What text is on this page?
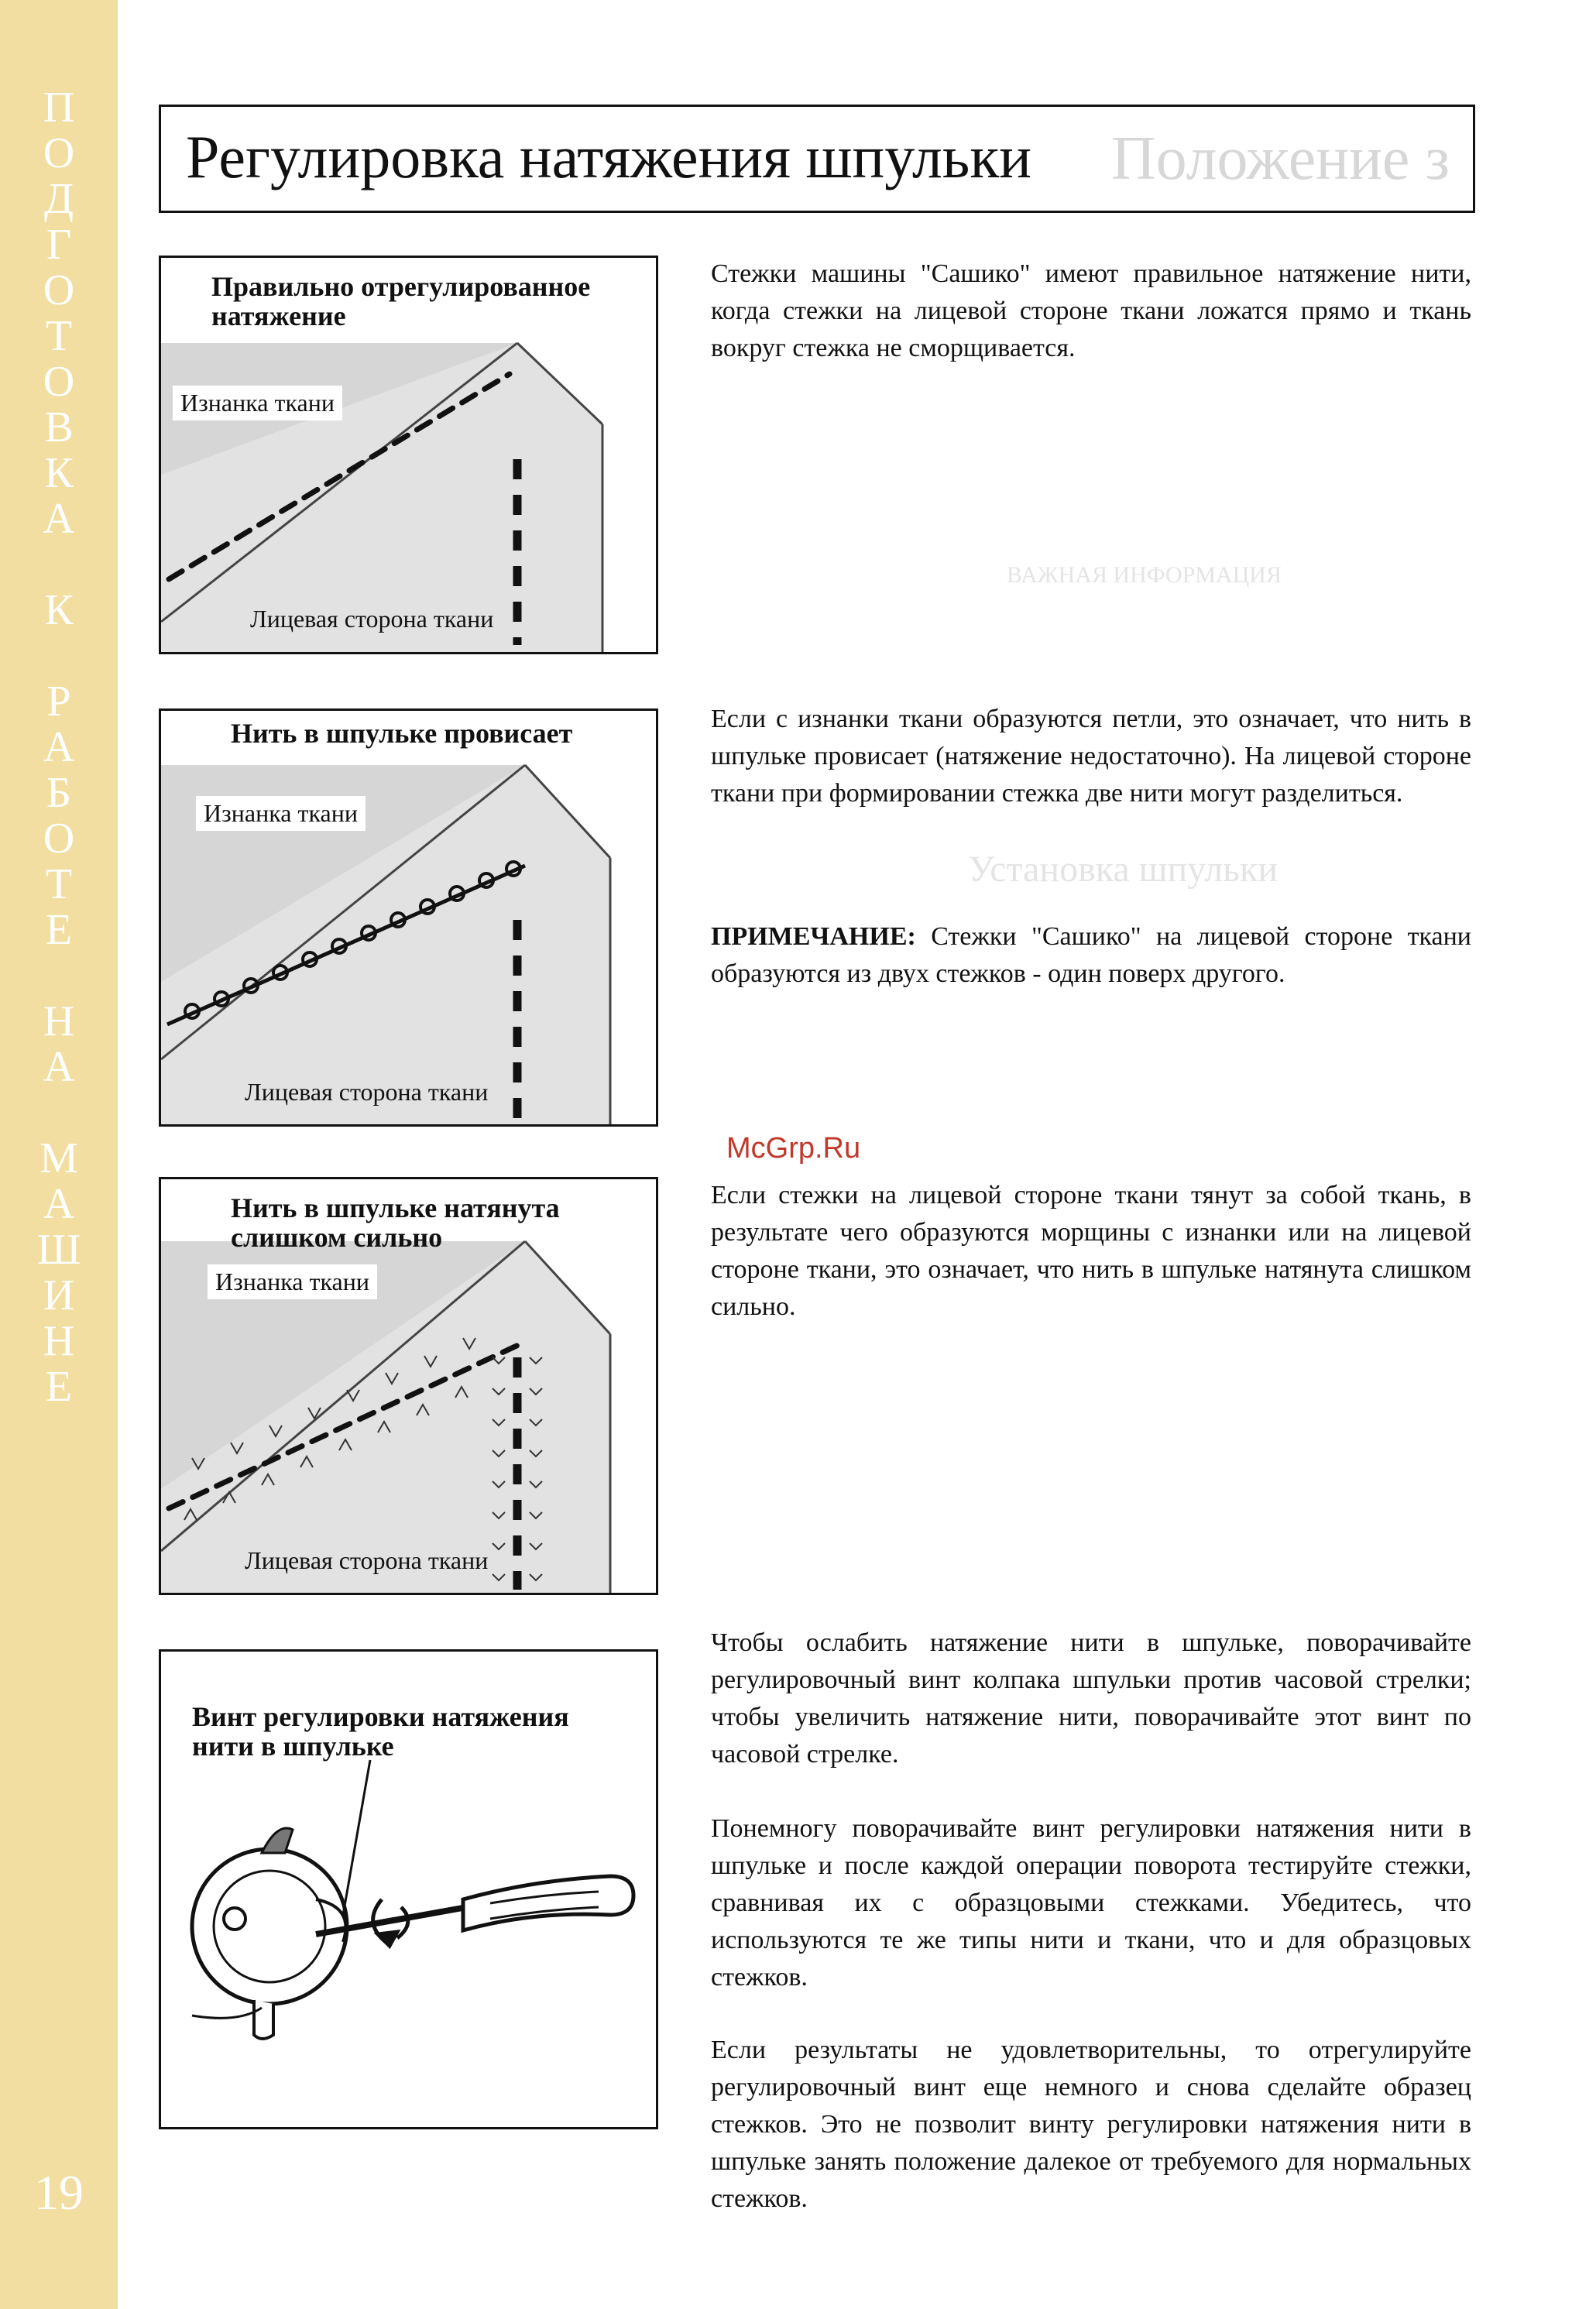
П
О
Д
Г
О
Т
О
В
К
А
К
Р
А
Б
О
Т
Е
Н
А
М
А
Ш
И
Н
Е
19
ВАЖНАЯ ИНФОРМАЦИЯ
Установка шпульки
Положение з
Регулировка натяжения шпульки
Правильно отрегулированное натяжение
Изнанка ткани
Лицевая сторона ткани
Нить в шпульке провисает
Изнанка ткани
Лицевая сторона ткани
Нить в шпульке натянута слишком сильно
Изнанка ткани
Лицевая сторона ткани
Винт регулировки натяжения нити в шпульке

Стежки машины "Сашико" имеют правильное натяжение нити, когда стежки на лицевой стороне ткани ложатся прямо и ткань вокруг стежка не сморщивается.

Если с изнанки ткани образуются петли, это означает, что нить в шпульке провисает (натяжение недостаточно). На лицевой стороне ткани при формировании стежка две нити могут разделиться.

ПРИМЕЧАНИЕ: Стежки "Сашико" на лицевой стороне ткани образуются из двух стежков - один поверх другого.

McGrp.Ru

Если стежки на лицевой стороне ткани тянут за собой ткань, в результате чего образуются морщины с изнанки или на лицевой стороне ткани, это означает, что нить в шпульке натянута слишком сильно.

Чтобы ослабить натяжение нити в шпульке, поворачивайте регулировочный винт колпака шпульки против часовой стрелки; чтобы увеличить натяжение нити, поворачивайте этот винт по часовой стрелке.

Понемногу поворачивайте винт регулировки натяжения нити в шпульке и после каждой операции поворота тестируйте стежки, сравнивая их с образцовыми стежками. Убедитесь, что используются те же типы нити и ткани, что и для образцовых стежков.

Если результаты не удовлетворительны, то отрегулируйте регулировочный винт еще немного и снова сделайте образец стежков. Это не позволит винту регулировки натяжения нити в шпульке занять положение далекое от требуемого для нормальных стежков.
